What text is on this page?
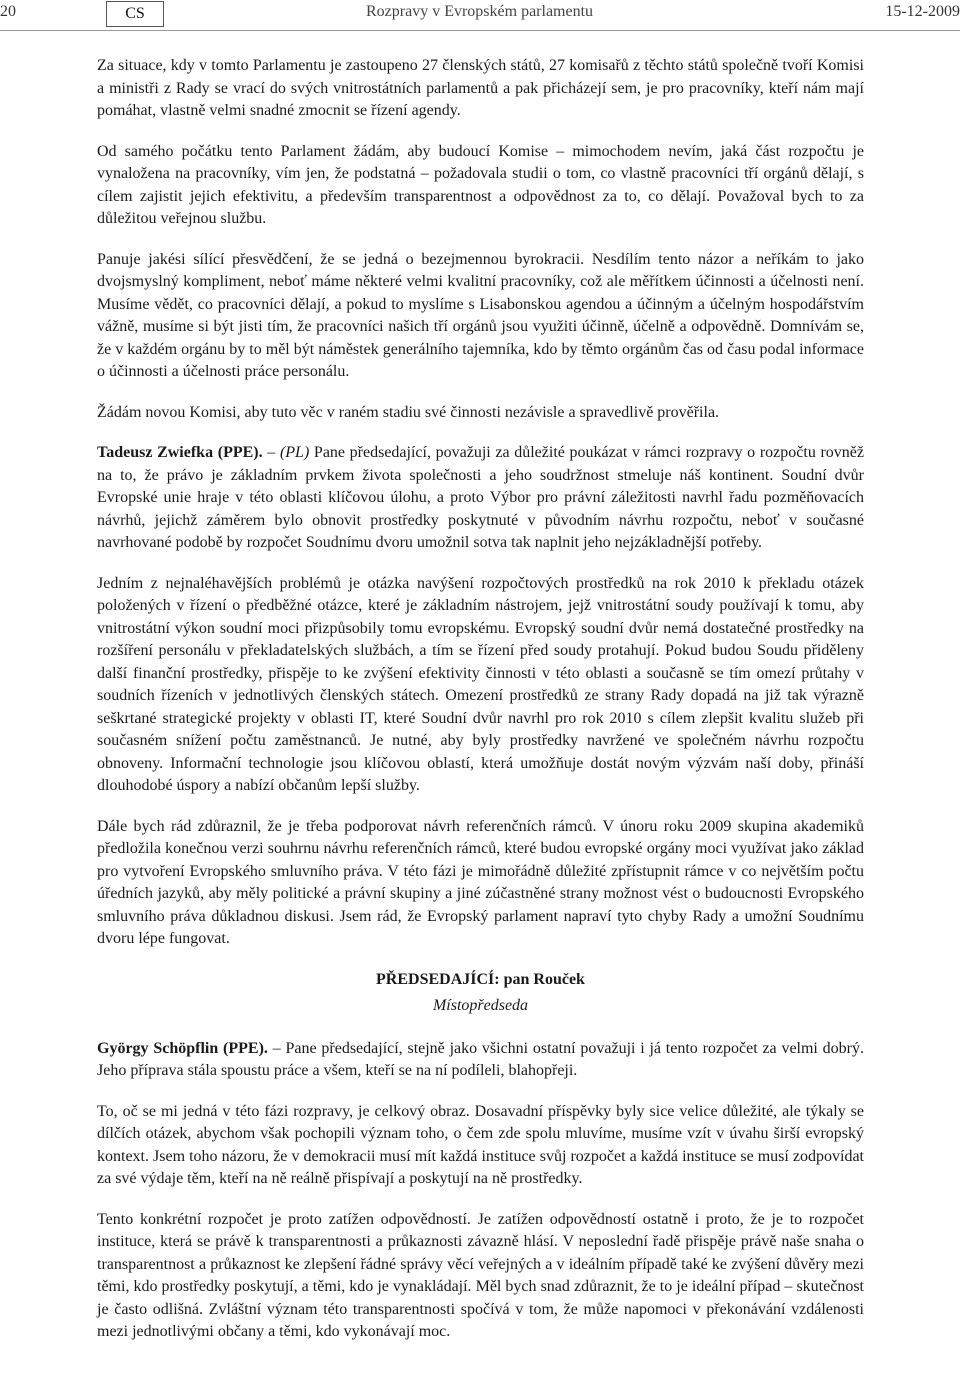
20	CS	Rozpravy v Evropském parlamentu	15-12-2009

Za situace, kdy v tomto Parlamentu je zastoupeno 27 členských států, 27 komisařů z těchto států společně tvoří Komisi a ministři z Rady se vrací do svých vnitrostátních parlamentů a pak přicházejí sem, je pro pracovníky, kteří nám mají pomáhat, vlastně velmi snadné zmocnit se řízení agendy.

Od samého počátku tento Parlament žádám, aby budoucí Komise – mimochodem nevím, jaká část rozpočtu je vynaložena na pracovníky, vím jen, že podstatná – požadovala studii o tom, co vlastně pracovníci tří orgánů dělají, s cílem zajistit jejich efektivitu, a především transparentnost a odpovědnost za to, co dělají. Považoval bych to za důležitou veřejnou službu.

Panuje jakési sílící přesvědčení, že se jedná o bezejmennou byrokracii. Nesdílím tento názor a neříkám to jako dvojsmyslný kompliment, neboť máme některé velmi kvalitní pracovníky, což ale měřítkem účinnosti a účelnosti není. Musíme vědět, co pracovníci dělají, a pokud to myslíme s Lisabonskou agendou a účinným a účelným hospodářstvím vážně, musíme si být jisti tím, že pracovníci našich tří orgánů jsou využiti účinně, účelně a odpovědně. Domnívám se, že v každém orgánu by to měl být náměstek generálního tajemníka, kdo by těmto orgánům čas od času podal informace o účinnosti a účelnosti práce personálu.

Žádám novou Komisi, aby tuto věc v raném stadiu své činnosti nezávisle a spravedlivě prověřila.

Tadeusz Zwiefka (PPE). – (PL) Pane předsedající, považuji za důležité poukázat v rámci rozpravy o rozpočtu rovněž na to, že právo je základním prvkem života společnosti a jeho soudržnost stmeluje náš kontinent. Soudní dvůr Evropské unie hraje v této oblasti klíčovou úlohu, a proto Výbor pro právní záležitosti navrhl řadu pozměňovacích návrhů, jejichž záměrem bylo obnovit prostředky poskytnuté v původním návrhu rozpočtu, neboť v současné navrhované podobě by rozpočet Soudnímu dvoru umožnil sotva tak naplnit jeho nejzákladnější potřeby.

Jedním z nejnaléhavějších problémů je otázka navýšení rozpočtových prostředků na rok 2010 k překladu otázek položených v řízení o předběžné otázce, které je základním nástrojem, jejž vnitrostátní soudy používají k tomu, aby vnitrostátní výkon soudní moci přizpůsobily tomu evropskému. Evropský soudní dvůr nemá dostatečné prostředky na rozšíření personálu v překladatelských službách, a tím se řízení před soudy protahují. Pokud budou Soudu přiděleny další finanční prostředky, přispěje to ke zvýšení efektivity činnosti v této oblasti a současně se tím omezí průtahy v soudních řízeních v jednotlivých členských státech. Omezení prostředků ze strany Rady dopadá na již tak výrazně seškrtané strategické projekty v oblasti IT, které Soudní dvůr navrhl pro rok 2010 s cílem zlepšit kvalitu služeb při současném snížení počtu zaměstnanců. Je nutné, aby byly prostředky navržené ve společném návrhu rozpočtu obnoveny. Informační technologie jsou klíčovou oblastí, která umožňuje dostát novým výzvám naší doby, přináší dlouhodobé úspory a nabízí občanům lepší služby.

Dále bych rád zdůraznil, že je třeba podporovat návrh referenčních rámců. V únoru roku 2009 skupina akademiků předložila konečnou verzi souhrnu návrhu referenčních rámců, které budou evropské orgány moci využívat jako základ pro vytvoření Evropského smluvního práva. V této fázi je mimořádně důležité zpřístupnit rámce v co největším počtu úředních jazyků, aby měly politické a právní skupiny a jiné zúčastněné strany možnost vést o budoucnosti Evropského smluvního práva důkladnou diskusi. Jsem rád, že Evropský parlament napraví tyto chyby Rady a umožní Soudnímu dvoru lépe fungovat.

PŘEDSEDAJÍCÍ: pan Rouček
Místopředseda

György Schöpflin (PPE). – Pane předsedající, stejně jako všichni ostatní považuji i já tento rozpočet za velmi dobrý. Jeho příprava stála spoustu práce a všem, kteří se na ní podíleli, blahopřeji.

To, oč se mi jedná v této fázi rozpravy, je celkový obraz. Dosavadní příspěvky byly sice velice důležité, ale týkaly se dílčích otázek, abychom však pochopili význam toho, o čem zde spolu mluvíme, musíme vzít v úvahu širší evropský kontext. Jsem toho názoru, že v demokracii musí mít každá instituce svůj rozpočet a každá instituce se musí zodpovídat za své výdaje těm, kteří na ně reálně přispívají a poskytují na ně prostředky.

Tento konkrétní rozpočet je proto zatížen odpovědností. Je zatížen odpovědností ostatně i proto, že je to rozpočet instituce, která se právě k transparentnosti a průkaznosti závazně hlásí. V neposlední řadě přispěje právě naše snaha o transparentnost a průkaznost ke zlepšení řádné správy věcí veřejných a v ideálním případě také ke zvýšení důvěry mezi těmi, kdo prostředky poskytují, a těmi, kdo je vynakládají. Měl bych snad zdůraznit, že to je ideální případ – skutečnost je často odlišná. Zvláštní význam této transparentnosti spočívá v tom, že může napomoci v překonávání vzdálenosti mezi jednotlivými občany a těmi, kdo vykonávají moc.
